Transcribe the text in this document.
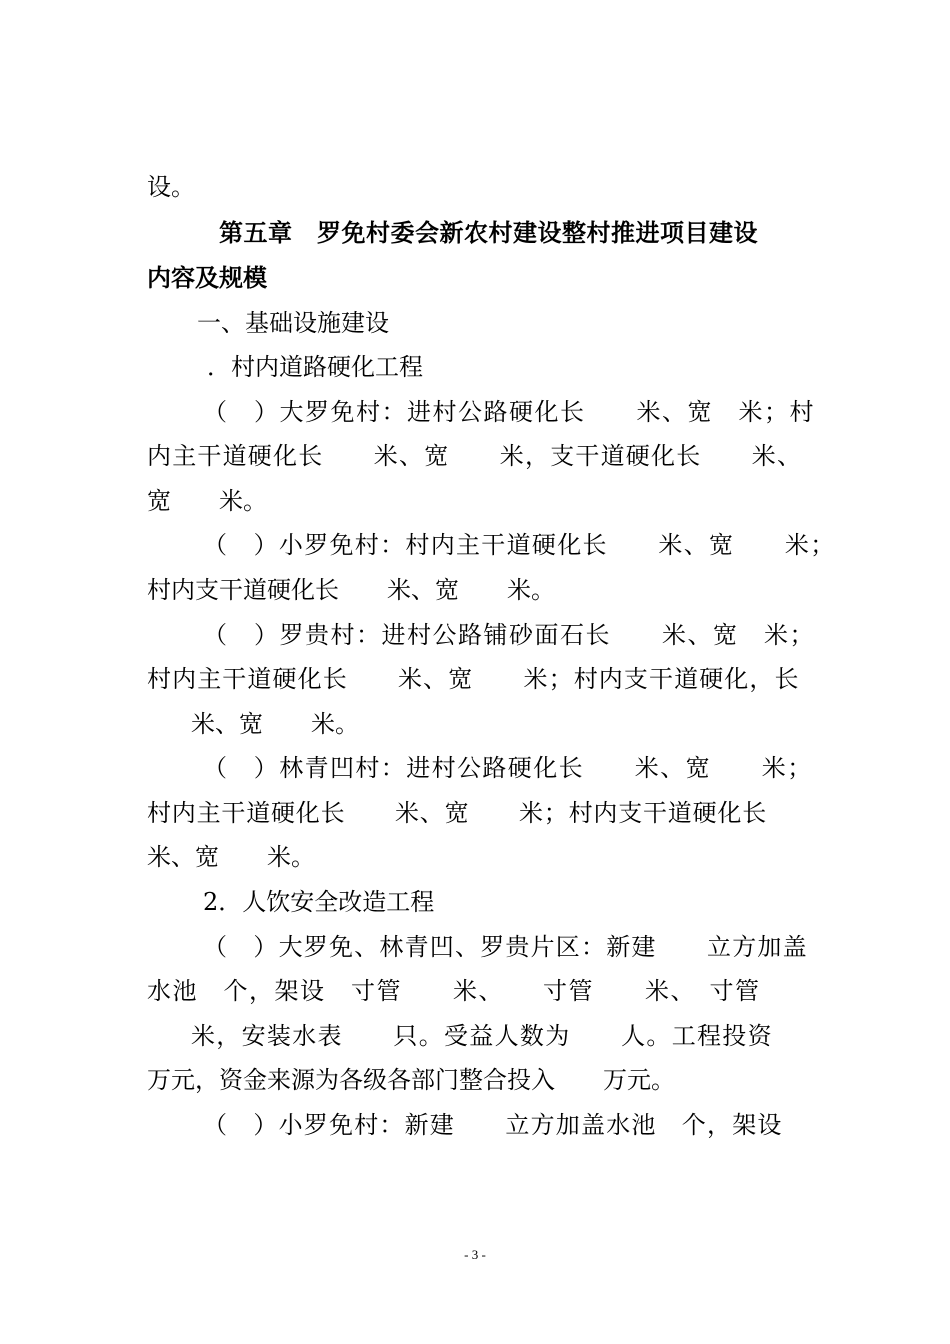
设。
第五章　罗免村委会新农村建设整村推进项目建设
内容及规模
一、基础设施建设
．村内道路硬化工程
（　）大罗免村：进村公路硬化长　　米、宽　米；村
内主干道硬化长　　米、宽　　米，支干道硬化长　　米、
宽　　米。
（　）小罗免村：村内主干道硬化长　　米、宽　　米；
村内支干道硬化长　　米、宽　　米。
（　）罗贵村：进村公路铺砂面石长　　米、宽　米；
村内主干道硬化长　　米、宽　　米；村内支干道硬化，长
米、宽　　米。
（　）林青凹村：进村公路硬化长　　米、宽　　米；
村内主干道硬化长　　米、宽　　米；村内支干道硬化长
米、宽　　米。
2．人饮安全改造工程
（　）大罗免、林青凹、罗贵片区：新建　　立方加盖
水池　个，架设　寸管　　米、　　寸管　　米、　寸管
米，安装水表　　只。受益人数为　　人。工程投资
万元，资金来源为各级各部门整合投入　　万元。
（　）小罗免村：新建　　立方加盖水池　个，架设
- 3 -
